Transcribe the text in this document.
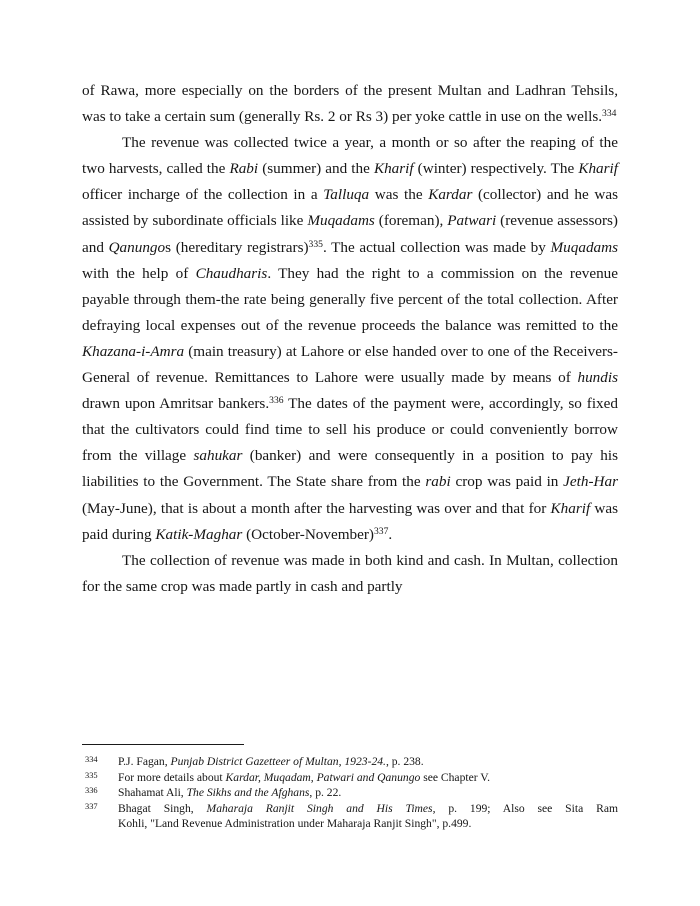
of Rawa, more especially on the borders of the present Multan and Ladhran Tehsils, was to take a certain sum (generally Rs. 2 or Rs 3) per yoke cattle in use on the wells.$^{334}$

The revenue was collected twice a year, a month or so after the reaping of the two harvests, called the Rabi (summer) and the Kharif (winter) respectively. The Kharif officer incharge of the collection in a Talluqa was the Kardar (collector) and he was assisted by subordinate officials like Muqadams (foreman), Patwari (revenue assessors) and Qanungos (hereditary registrars)$^{335}$. The actual collection was made by Muqadams with the help of Chaudharis. They had the right to a commission on the revenue payable through them-the rate being generally five percent of the total collection. After defraying local expenses out of the revenue proceeds the balance was remitted to the Khazana-i-Amra (main treasury) at Lahore or else handed over to one of the Receivers-General of revenue. Remittances to Lahore were usually made by means of hundis drawn upon Amritsar bankers.$^{336}$ The dates of the payment were, accordingly, so fixed that the cultivators could find time to sell his produce or could conveniently borrow from the village sahukar (banker) and were consequently in a position to pay his liabilities to the Government. The State share from the rabi crop was paid in Jeth-Har (May-June), that is about a month after the harvesting was over and that for Kharif was paid during Katik-Maghar (October-November)$^{337}$.

The collection of revenue was made in both kind and cash. In Multan, collection for the same crop was made partly in cash and partly

334 P.J. Fagan, Punjab District Gazetteer of Multan, 1923-24., p. 238.
335 For more details about Kardar, Muqadam, Patwari and Qanungo see Chapter V.
336 Shahamat Ali, The Sikhs and the Afghans, p. 22.
337 Bhagat Singh, Maharaja Ranjit Singh and His Times, p. 199; Also see Sita Ram
Kohli, "Land Revenue Administration under Maharaja Ranjit Singh", p.499.
